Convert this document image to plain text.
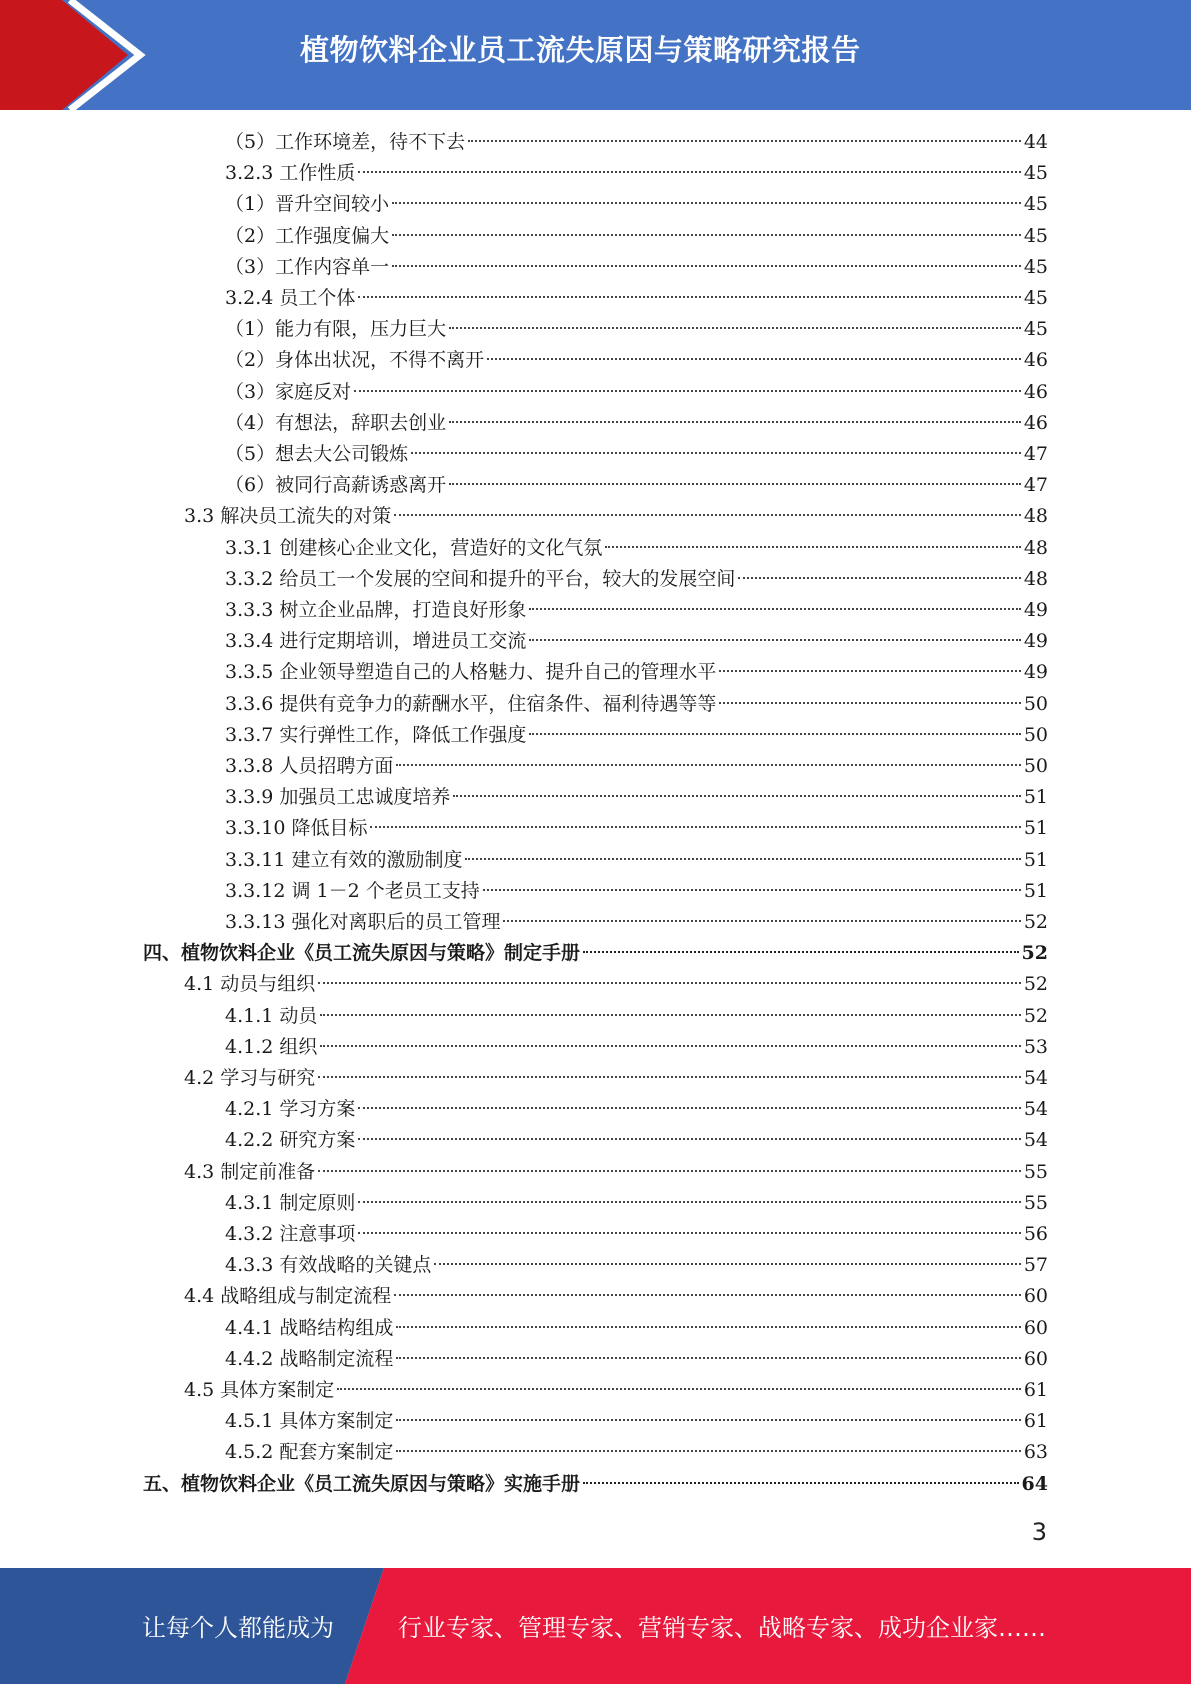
植物饮料企业员工流失原因与策略研究报告
（5）工作环境差，待不下去	44
3.2.3 工作性质	45
（1）晋升空间较小	45
（2）工作强度偏大	45
（3）工作内容单一	45
3.2.4 员工个体	45
（1）能力有限，压力巨大	45
（2）身体出状况，不得不离开	46
（3）家庭反对	46
（4）有想法，辞职去创业	46
（5）想去大公司锻炼	47
（6）被同行高薪诱惑离开	47
3.3 解决员工流失的对策	48
3.3.1 创建核心企业文化，营造好的文化气氛	48
3.3.2 给员工一个发展的空间和提升的平台，较大的发展空间	48
3.3.3 树立企业品牌，打造良好形象	49
3.3.4 进行定期培训，增进员工交流	49
3.3.5 企业领导塑造自己的人格魅力、提升自己的管理水平	49
3.3.6 提供有竞争力的薪酬水平，住宿条件、福利待遇等等	50
3.3.7 实行弹性工作，降低工作强度	50
3.3.8 人员招聘方面	50
3.3.9 加强员工忠诚度培养	51
3.3.10 降低目标	51
3.3.11 建立有效的激励制度	51
3.3.12 调 1－2 个老员工支持	51
3.3.13 强化对离职后的员工管理	52
四、植物饮料企业《员工流失原因与策略》制定手册	52
4.1 动员与组织	52
4.1.1 动员	52
4.1.2 组织	53
4.2 学习与研究	54
4.2.1 学习方案	54
4.2.2 研究方案	54
4.3 制定前准备	55
4.3.1 制定原则	55
4.3.2 注意事项	56
4.3.3 有效战略的关键点	57
4.4 战略组成与制定流程	60
4.4.1 战略结构组成	60
4.4.2 战略制定流程	60
4.5 具体方案制定	61
4.5.1 具体方案制定	61
4.5.2 配套方案制定	63
五、植物饮料企业《员工流失原因与策略》实施手册	64
3
让每个人都能成为	行业专家、管理专家、营销专家、战略专家、成功企业家……
